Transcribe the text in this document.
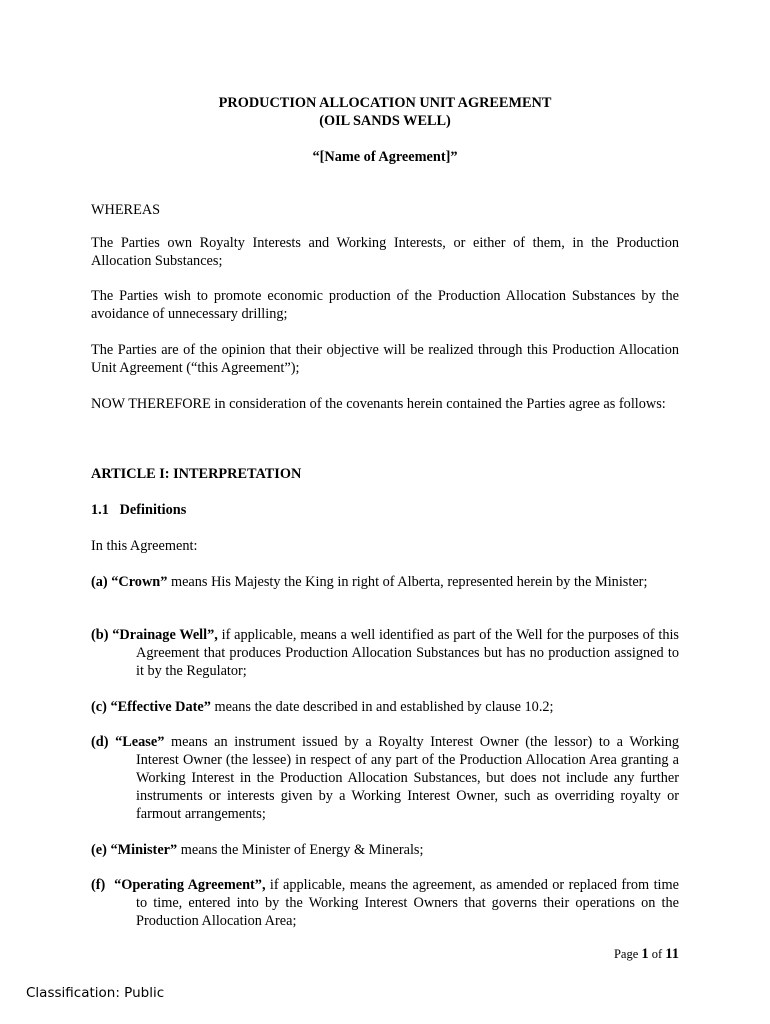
PRODUCTION ALLOCATION UNIT AGREEMENT
(OIL SANDS WELL)
“[Name of Agreement]”
WHEREAS
The Parties own Royalty Interests and Working Interests, or either of them, in the Production Allocation Substances;
The Parties wish to promote economic production of the Production Allocation Substances by the avoidance of unnecessary drilling;
The Parties are of the opinion that their objective will be realized through this Production Allocation Unit Agreement (“this Agreement”);
NOW THEREFORE in consideration of the covenants herein contained the Parties agree as follows:
ARTICLE I: INTERPRETATION
1.1   Definitions
In this Agreement:
(a) “Crown” means His Majesty the King in right of Alberta, represented herein by the Minister;
(b) “Drainage Well”, if applicable, means a well identified as part of the Well for the purposes of this Agreement that produces Production Allocation Substances but has no production assigned to it by the Regulator;
(c) “Effective Date” means the date described in and established by clause 10.2;
(d) “Lease” means an instrument issued by a Royalty Interest Owner (the lessor) to a Working Interest Owner (the lessee) in respect of any part of the Production Allocation Area granting a Working Interest in the Production Allocation Substances, but does not include any further instruments or interests given by a Working Interest Owner, such as overriding royalty or farmout arrangements;
(e) “Minister” means the Minister of Energy & Minerals;
(f) “Operating Agreement”, if applicable, means the agreement, as amended or replaced from time to time, entered into by the Working Interest Owners that governs their operations on the Production Allocation Area;
Page 1 of 11
Classification: Public
